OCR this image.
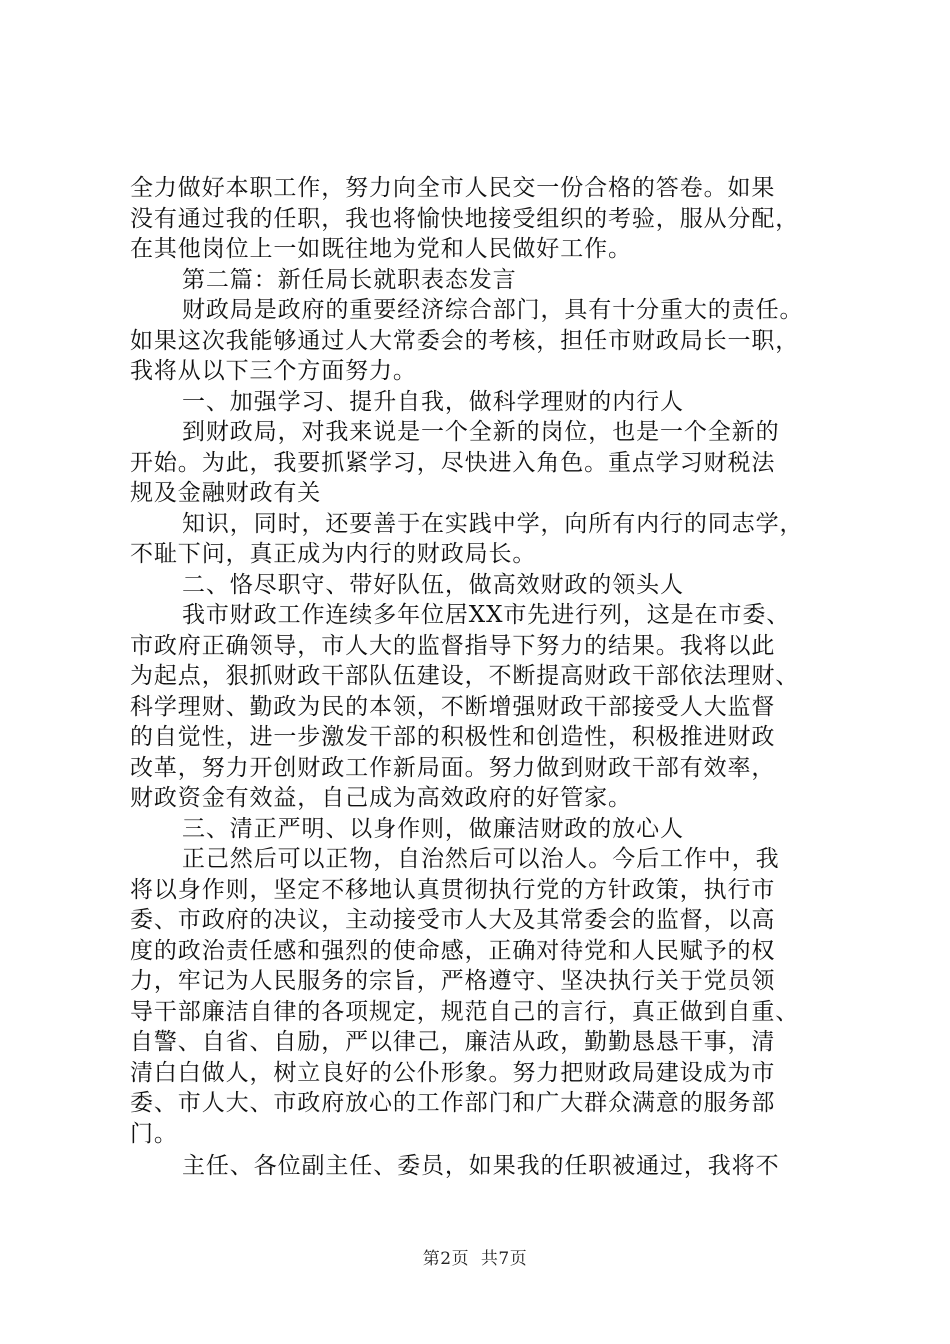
全力做好本职工作，努力向全市人民交一份合格的答卷。如果
没有通过我的任职，我也将愉快地接受组织的考验，服从分配，
在其他岗位上一如既往地为党和人民做好工作。
第二篇：新任局长就职表态发言
财政局是政府的重要经济综合部门，具有十分重大的责任。
如果这次我能够通过人大常委会的考核，担任市财政局长一职，
我将从以下三个方面努力。
一、加强学习、提升自我，做科学理财的内行人
到财政局，对我来说是一个全新的岗位，也是一个全新的
开始。为此，我要抓紧学习，尽快进入角色。重点学习财税法
规及金融财政有关
知识，同时，还要善于在实践中学，向所有内行的同志学，
不耻下问，真正成为内行的财政局长。
二、恪尽职守、带好队伍，做高效财政的领头人
我市财政工作连续多年位居XX市先进行列，这是在市委、
市政府正确领导，市人大的监督指导下努力的结果。我将以此
为起点，狠抓财政干部队伍建设，不断提高财政干部依法理财、
科学理财、勤政为民的本领，不断增强财政干部接受人大监督
的自觉性，进一步激发干部的积极性和创造性，积极推进财政
改革，努力开创财政工作新局面。努力做到财政干部有效率，
财政资金有效益，自己成为高效政府的好管家。
三、清正严明、以身作则，做廉洁财政的放心人
正己然后可以正物，自治然后可以治人。今后工作中，我
将以身作则，坚定不移地认真贯彻执行党的方针政策，执行市
委、市政府的决议，主动接受市人大及其常委会的监督，以高
度的政治责任感和强烈的使命感，正确对待党和人民赋予的权
力，牢记为人民服务的宗旨，严格遵守、坚决执行关于党员领
导干部廉洁自律的各项规定，规范自己的言行，真正做到自重、
自警、自省、自励，严以律己，廉洁从政，勤勤恳恳干事，清
清白白做人，树立良好的公仆形象。努力把财政局建设成为市
委、市人大、市政府放心的工作部门和广大群众满意的服务部
门。
主任、各位副主任、委员，如果我的任职被通过，我将不
第2页  共7页
